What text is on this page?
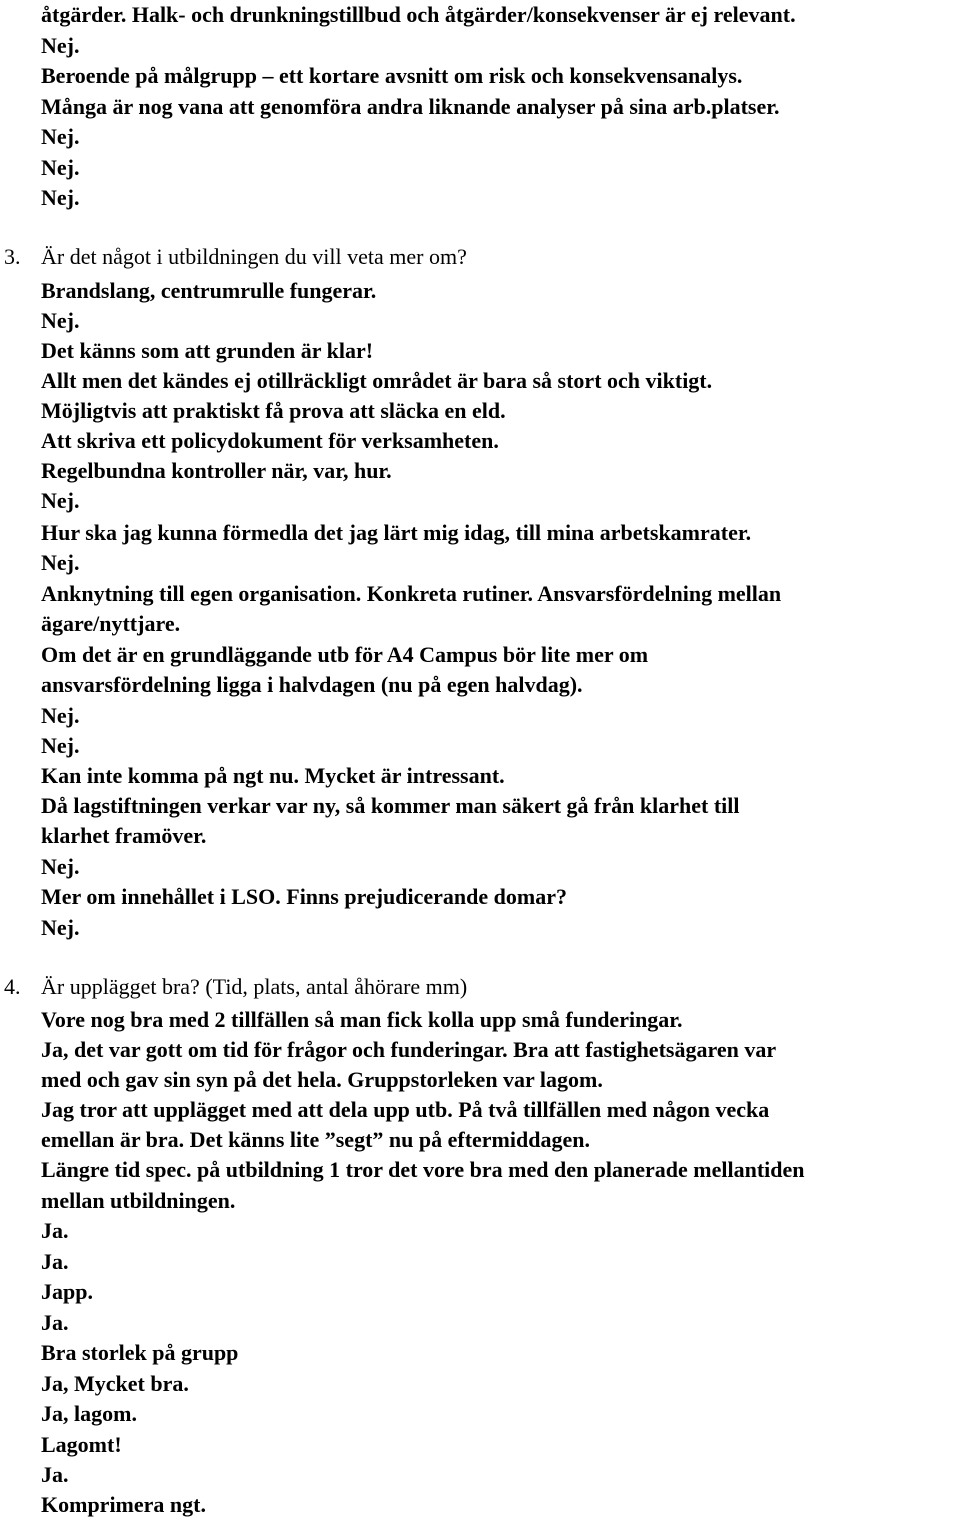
åtgärder. Halk- och drunkningstillbud och åtgärder/konsekvenser är ej relevant.
Nej.
Beroende på målgrupp – ett kortare avsnitt om risk och konsekvensanalys.
Många är nog vana att genomföra andra liknande analyser på sina arb.platser.
Nej.
Nej.
Nej.
3. Är det något i utbildningen du vill veta mer om?
Brandslang, centrumrulle fungerar.
Nej.
Det känns som att grunden är klar!
Allt men det kändes ej otillräckligt området är bara så stort och viktigt.
Möjligtvis att praktiskt få prova att släcka en eld.
Att skriva ett policydokument för verksamheten.
Regelbundna kontroller när, var, hur.
Nej.
Hur ska jag kunna förmedla det jag lärt mig idag, till mina arbetskamrater.
Nej.
Anknytning till egen organisation. Konkreta rutiner. Ansvarsfördelning mellan
ägare/nyttjare.
Om det är en grundläggande utb för A4 Campus bör lite mer om
ansvarsfördelning ligga i halvdagen (nu på egen halvdag).
Nej.
Nej.
Kan inte komma på ngt nu. Mycket är intressant.
Då lagstiftningen verkar var ny, så kommer man säkert gå från klarhet till
klarhet framöver.
Nej.
Mer om innehållet i LSO. Finns prejudicerande domar?
Nej.
4. Är upplägget bra? (Tid, plats, antal åhörare mm)
Vore nog bra med 2 tillfällen så man fick kolla upp små funderingar.
Ja, det var gott om tid för frågor och funderingar. Bra att fastighetsägaren var
med och gav sin syn på det hela. Gruppstorleken var lagom.
Jag tror att upplägget med att dela upp utb. På två tillfällen med någon vecka
emellan är bra. Det känns lite ”segt” nu på eftermiddagen.
Längre tid spec. på utbildning 1 tror det vore bra med den planerade mellantiden
mellan utbildningen.
Ja.
Ja.
Japp.
Ja.
Bra storlek på grupp
Ja, Mycket bra.
Ja, lagom.
Lagomt!
Ja.
Komprimera ngt.
